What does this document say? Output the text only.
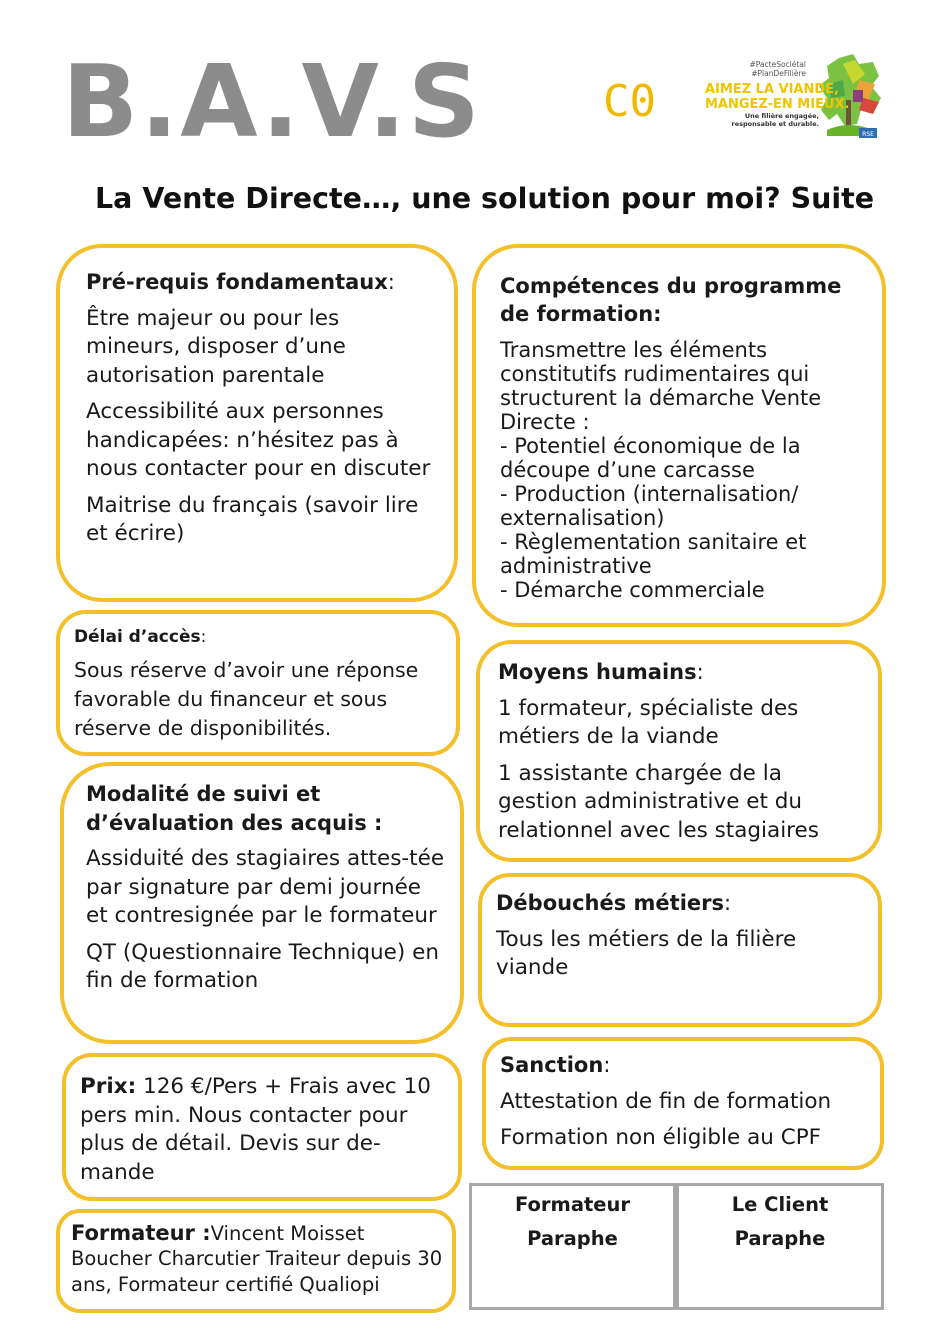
B.A.V.S	C0
#PacteSociétal
#PlanDeFilière
AIMEZ LA VIANDE,
MANGEZ-EN MIEUX.
Une filière engagée,
responsable et durable.
RSE
La Vente Directe…, une solution pour moi? Suite

Pré-requis fondamentaux:

Être majeur ou pour les mineurs, disposer d’une autorisation parentale

Accessibilité aux personnes handicapées: n’hésitez pas à nous contacter pour en discuter

Maitrise du français (savoir lire et écrire)

Compétences du programme de formation:

Transmettre les éléments constitutifs rudimentaires qui structurent la démarche Vente Directe :

- Potentiel économique de la découpe d’une carcasse

- Production (internalisation/ externalisation)

- Règlementation sanitaire et administrative

- Démarche commerciale

Délai d’accès:

Sous réserve d’avoir une réponse favorable du financeur et sous réserve de disponibilités.

Moyens humains:

1 formateur, spécialiste des métiers de la viande

1 assistante chargée de la gestion administrative et du relationnel avec les stagiaires

Modalité de suivi et d’évaluation des acquis :

Assiduité des stagiaires attes-tée par signature par demi journée et contresignée par le formateur

QT (Questionnaire Technique) en fin de formation

Débouchés métiers:

Tous les métiers de la filière viande

Prix: 126 €/Pers + Frais avec 10 pers min. Nous contacter pour plus de détail. Devis sur de-mande

Sanction:

Attestation de fin de formation

Formation non éligible au CPF

Formateur :Vincent Moisset

Boucher Charcutier Traiteur depuis 30 ans, Formateur certifié Qualiopi

Formateur
Paraphe
Le Client
Paraphe
